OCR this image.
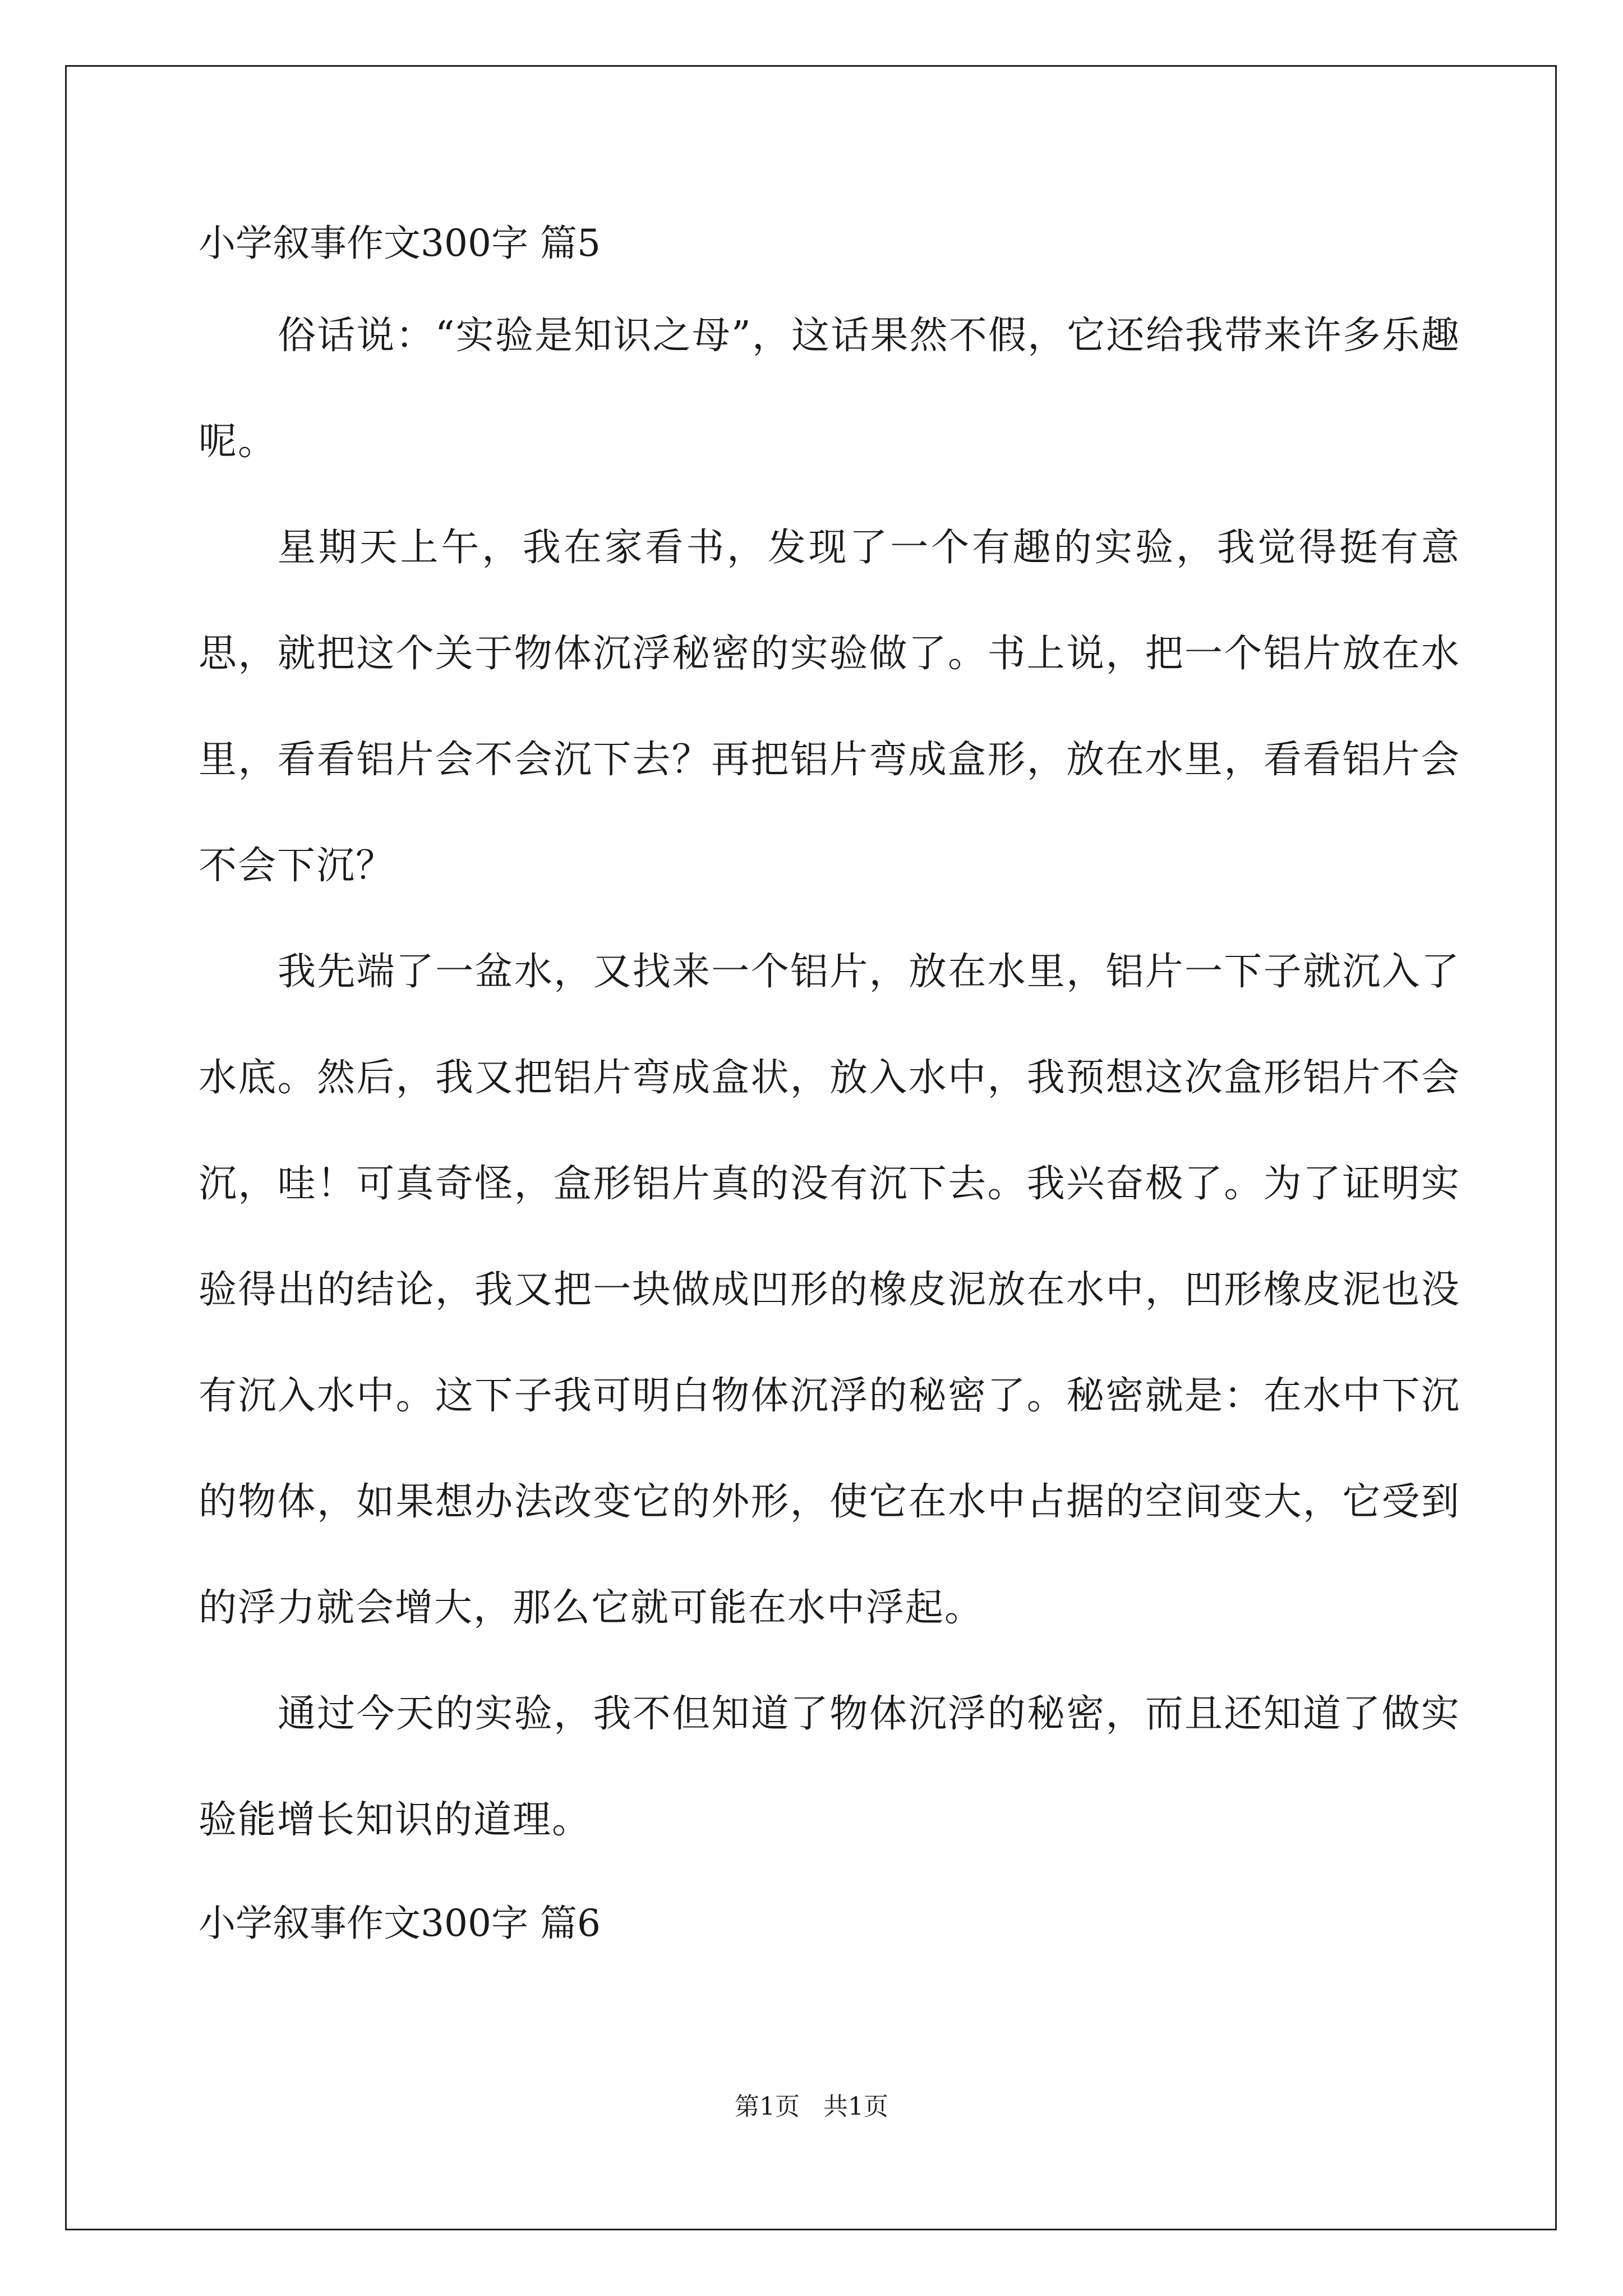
小学叙事作文300字 篇5

俗话说：“实验是知识之母”，这话果然不假，它还给我带来许多乐趣呢。

星期天上午，我在家看书，发现了一个有趣的实验，我觉得挺有意思，就把这个关于物体沉浮秘密的实验做了。书上说，把一个铝片放在水里，看看铝片会不会沉下去？再把铝片弯成盒形，放在水里，看看铝片会不会下沉？

我先端了一盆水，又找来一个铝片，放在水里，铝片一下子就沉入了水底。然后，我又把铝片弯成盒状，放入水中，我预想这次盒形铝片不会沉，哇！可真奇怪，盒形铝片真的没有沉下去。我兴奋极了。为了证明实验得出的结论，我又把一块做成凹形的橡皮泥放在水中，凹形橡皮泥也没有沉入水中。这下子我可明白物体沉浮的秘密了。秘密就是：在水中下沉的物体，如果想办法改变它的外形，使它在水中占据的空间变大，它受到的浮力就会增大，那么它就可能在水中浮起。

通过今天的实验，我不但知道了物体沉浮的秘密，而且还知道了做实验能增长知识的道理。

小学叙事作文300字 篇6
第1页   共1页
